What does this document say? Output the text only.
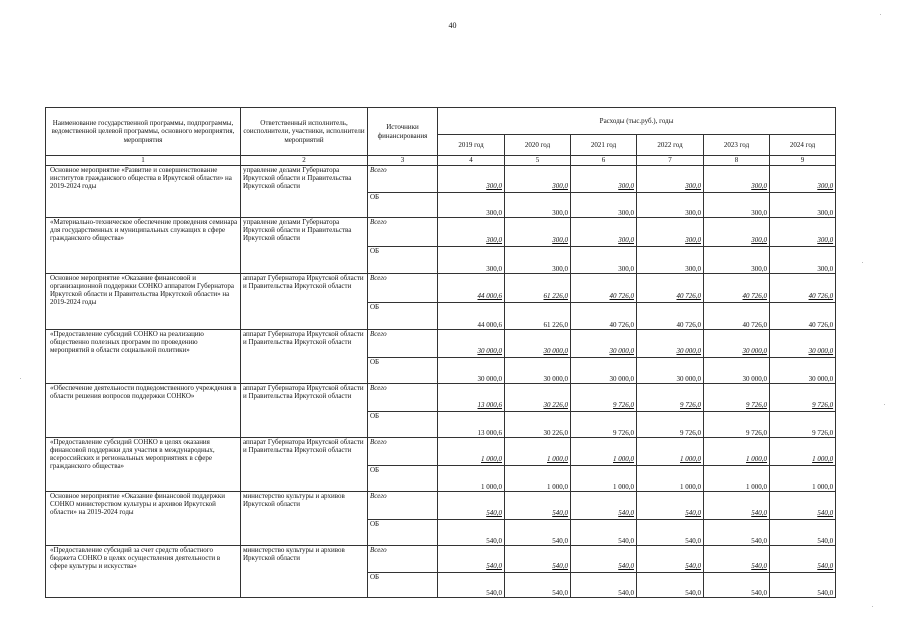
40
Наименование государственной программы, подпрограммы, ведомственной целевой программы, основного мероприятия, мероприятия	Ответственный исполнитель, соисполнители, участники, исполнители мероприятий	Источники финансирования	Расходы (тыс.руб.), годы					
			2019 год	2020 год	2021 год	2022 год	2023 год	2024 год
1	2	3	4	5	6	7	8	9
Основное мероприятие «Развитие и совершенствование институтов гражданского общества в Иркутской области» на 2019-2024 годы	управление делами Губернатора Иркутской области и Правительства Иркутской области	Всего	300,0	300,0	300,0	300,0	300,0	300,0
		ОБ	300,0	300,0	300,0	300,0	300,0	300,0
«Материально-техническое обеспечение проведения семинара для государственных и муниципальных служащих в сфере гражданского общества»	управление делами Губернатора Иркутской области и Правительства Иркутской области	Всего	300,0	300,0	300,0	300,0	300,0	300,0
		ОБ	300,0	300,0	300,0	300,0	300,0	300,0
Основное мероприятие «Оказание финансовой и организационной поддержки СОНКО аппаратом Губернатора Иркутской области и Правительства Иркутской области» на 2019-2024 годы	аппарат Губернатора Иркутской области и Правительства Иркутской области	Всего	44 000,6	61 226,0	40 726,0	40 726,0	40 726,0	40 726,0
		ОБ	44 000,6	61 226,0	40 726,0	40 726,0	40 726,0	40 726,0
«Предоставление субсидий СОНКО на реализацию общественно полезных программ по проведению мероприятий в области социальной политики»	аппарат Губернатора Иркутской области и Правительства Иркутской области	Всего	30 000,0	30 000,0	30 000,0	30 000,0	30 000,0	30 000,0
		ОБ	30 000,0	30 000,0	30 000,0	30 000,0	30 000,0	30 000,0
«Обеспечение деятельности подведомственного учреждения в области решения вопросов поддержки СОНКО»	аппарат Губернатора Иркутской области и Правительства Иркутской области	Всего	13 000,6	30 226,0	9 726,0	9 726,0	9 726,0	9 726,0
		ОБ	13 000,6	30 226,0	9 726,0	9 726,0	9 726,0	9 726,0
«Предоставление субсидий СОНКО в целях оказания финансовой поддержки для участия в международных, всероссийских и региональных мероприятиях в сфере гражданского общества»	аппарат Губернатора Иркутской области и Правительства Иркутской области	Всего	1 000,0	1 000,0	1 000,0	1 000,0	1 000,0	1 000,0
		ОБ	1 000,0	1 000,0	1 000,0	1 000,0	1 000,0	1 000,0
Основное мероприятие «Оказание финансовой поддержки СОНКО министерством культуры и архивов Иркутской области» на 2019-2024 годы	министерство культуры и архивов Иркутской области	Всего	540,0	540,0	540,0	540,0	540,0	540,0
		ОБ	540,0	540,0	540,0	540,0	540,0	540,0
«Предоставление субсидий за счет средств областного бюджета СОНКО в целях осуществления деятельности в сфере культуры и искусства»	министерство культуры и архивов Иркутской области	Всего	540,0	540,0	540,0	540,0	540,0	540,0
		ОБ	540,0	540,0	540,0	540,0	540,0	540,0
